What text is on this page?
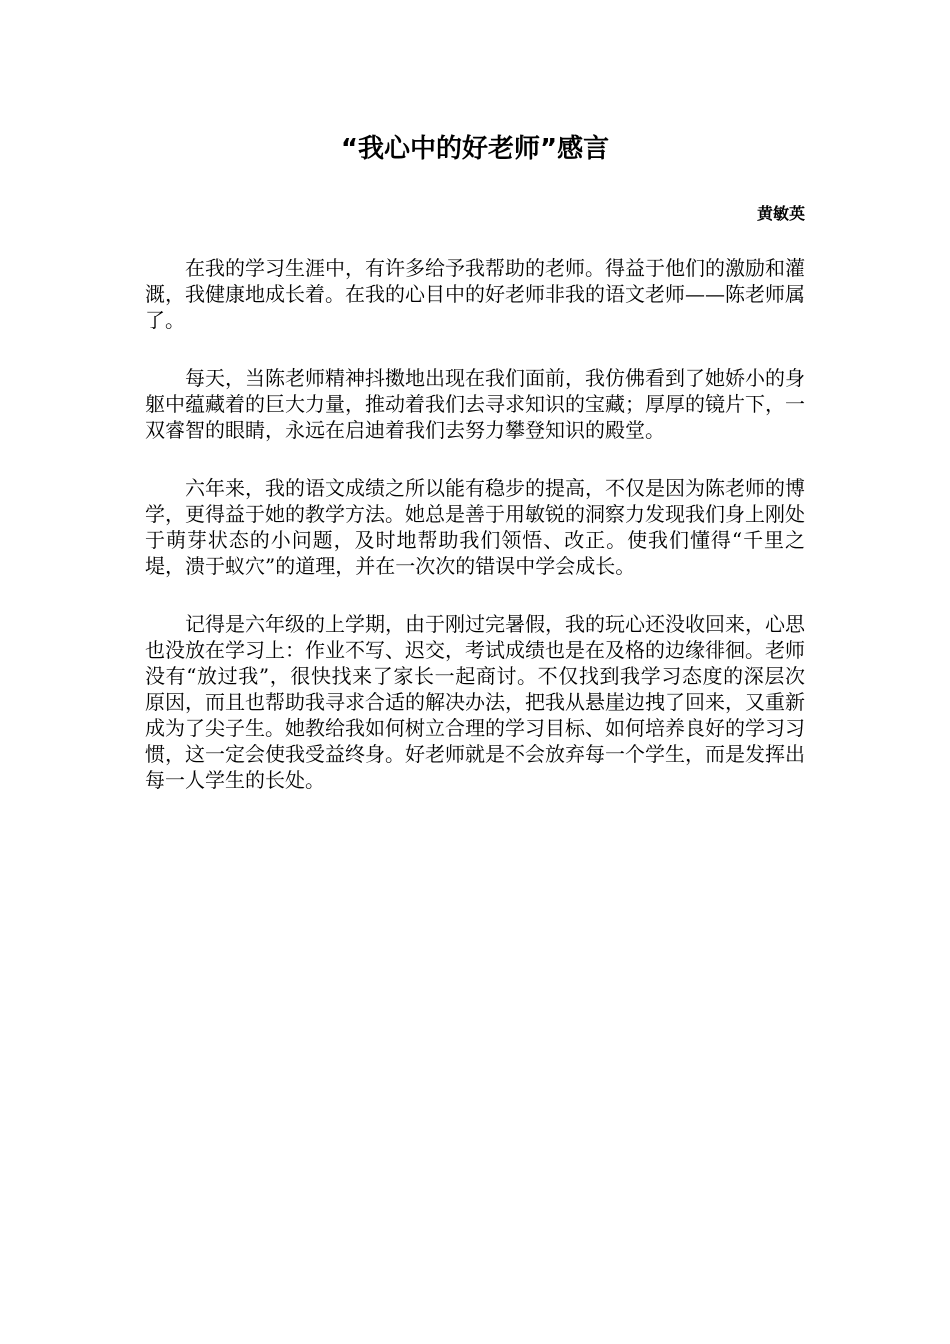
“我心中的好老师”感言
黄敏英

在我的学习生涯中，有许多给予我帮助的老师。得益于他们的激励和灌溉，我健康地成长着。在我的心目中的好老师非我的语文老师——陈老师属了。

每天，当陈老师精神抖擞地出现在我们面前，我仿佛看到了她娇小的身躯中蕴藏着的巨大力量，推动着我们去寻求知识的宝藏；厚厚的镜片下，一双睿智的眼睛，永远在启迪着我们去努力攀登知识的殿堂。

六年来，我的语文成绩之所以能有稳步的提高，不仅是因为陈老师的博学，更得益于她的教学方法。她总是善于用敏锐的洞察力发现我们身上刚处于萌芽状态的小问题，及时地帮助我们领悟、改正。使我们懂得“千里之堤，溃于蚁穴”的道理，并在一次次的错误中学会成长。

记得是六年级的上学期，由于刚过完暑假，我的玩心还没收回来，心思也没放在学习上：作业不写、迟交，考试成绩也是在及格的边缘徘徊。老师没有“放过我”，很快找来了家长一起商讨。不仅找到我学习态度的深层次原因，而且也帮助我寻求合适的解决办法，把我从悬崖边拽了回来，又重新成为了尖子生。她教给我如何树立合理的学习目标、如何培养良好的学习习惯，这一定会使我受益终身。好老师就是不会放弃每一个学生，而是发挥出每一人学生的长处。
